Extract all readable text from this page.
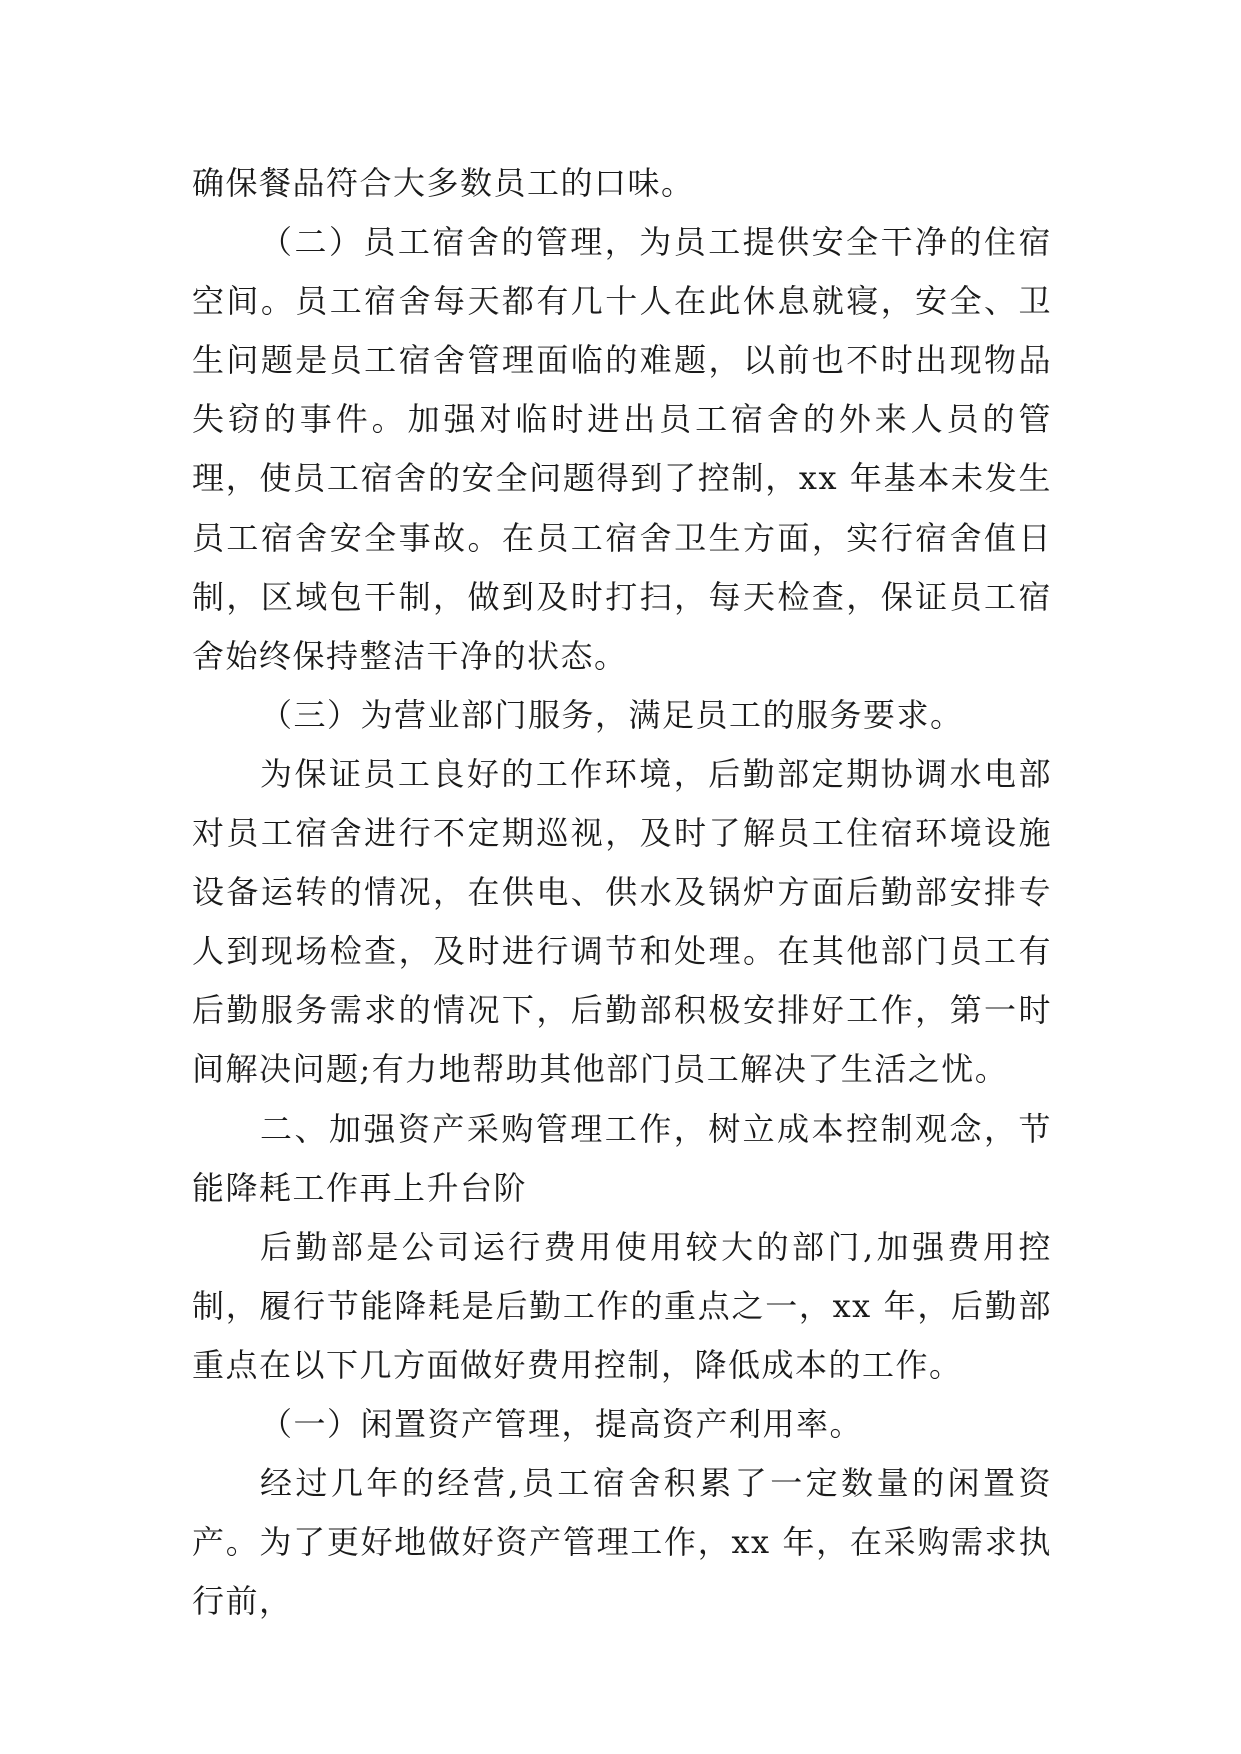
确保餐品符合大多数员工的口味。

（二）员工宿舍的管理，为员工提供安全干净的住宿空间。员工宿舍每天都有几十人在此休息就寝，安全、卫生问题是员工宿舍管理面临的难题，以前也不时出现物品失窃的事件。加强对临时进出员工宿舍的外来人员的管理，使员工宿舍的安全问题得到了控制，xx 年基本未发生员工宿舍安全事故。在员工宿舍卫生方面，实行宿舍值日制，区域包干制，做到及时打扫，每天检查，保证员工宿舍始终保持整洁干净的状态。

（三）为营业部门服务，满足员工的服务要求。

为保证员工良好的工作环境，后勤部定期协调水电部对员工宿舍进行不定期巡视，及时了解员工住宿环境设施设备运转的情况，在供电、供水及锅炉方面后勤部安排专人到现场检查，及时进行调节和处理。在其他部门员工有后勤服务需求的情况下，后勤部积极安排好工作，第一时间解决问题;有力地帮助其他部门员工解决了生活之忧。

二、加强资产采购管理工作，树立成本控制观念，节能降耗工作再上升台阶

后勤部是公司运行费用使用较大的部门,加强费用控制，履行节能降耗是后勤工作的重点之一，xx 年，后勤部重点在以下几方面做好费用控制，降低成本的工作。

（一）闲置资产管理，提高资产利用率。

经过几年的经营,员工宿舍积累了一定数量的闲置资产。为了更好地做好资产管理工作，xx 年，在采购需求执行前，
